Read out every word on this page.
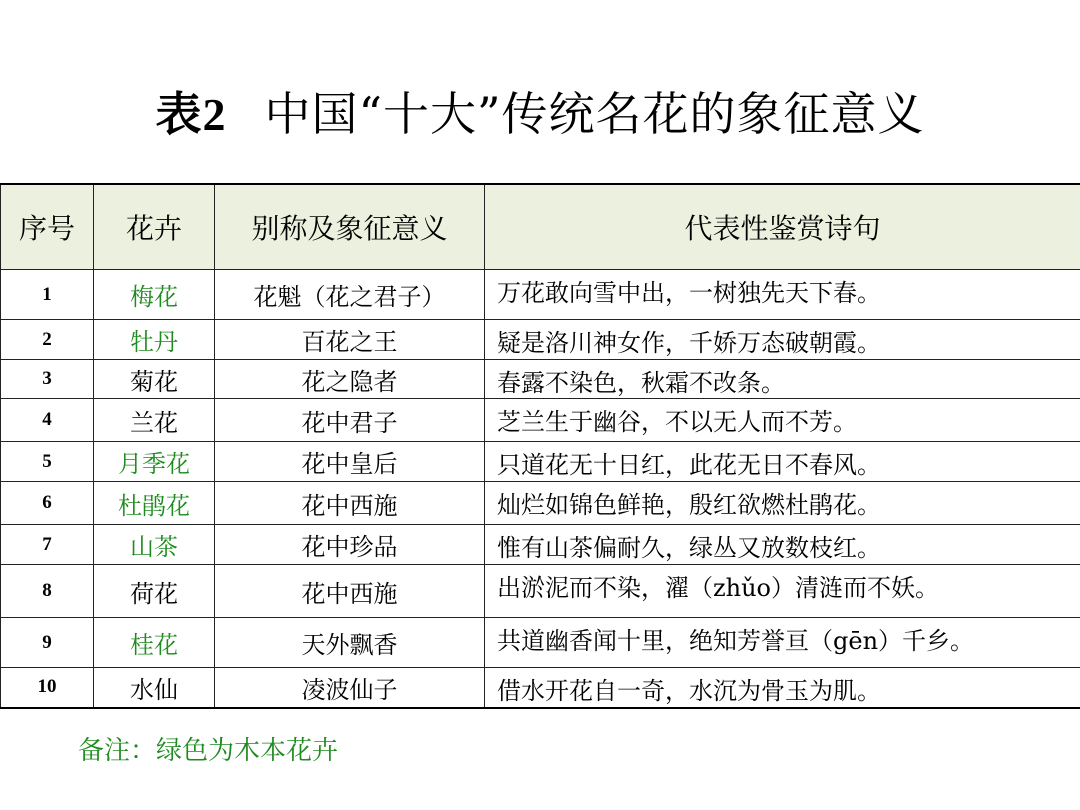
表2 中国“十大”传统名花的象征意义
序号	花卉	别称及象征意义	代表性鉴赏诗句
1	梅花	花魁（花之君子）	万花敢向雪中出，一树独先天下春。
2	牡丹	百花之王	疑是洛川神女作，千娇万态破朝霞。
3	菊花	花之隐者	春露不染色，秋霜不改条。
4	兰花	花中君子	芝兰生于幽谷，不以无人而不芳。
5	月季花	花中皇后	只道花无十日红，此花无日不春风。
6	杜鹃花	花中西施	灿烂如锦色鲜艳，殷红欲燃杜鹃花。
7	山茶	花中珍品	惟有山茶偏耐久，绿丛又放数枝红。
8	荷花	花中西施	出淤泥而不染，濯（zhǔo）清涟而不妖。
9	桂花	天外飘香	共道幽香闻十里，绝知芳誉亘（gēn）千乡。
10	水仙	凌波仙子	借水开花自一奇，水沉为骨玉为肌。
备注：绿色为木本花卉
